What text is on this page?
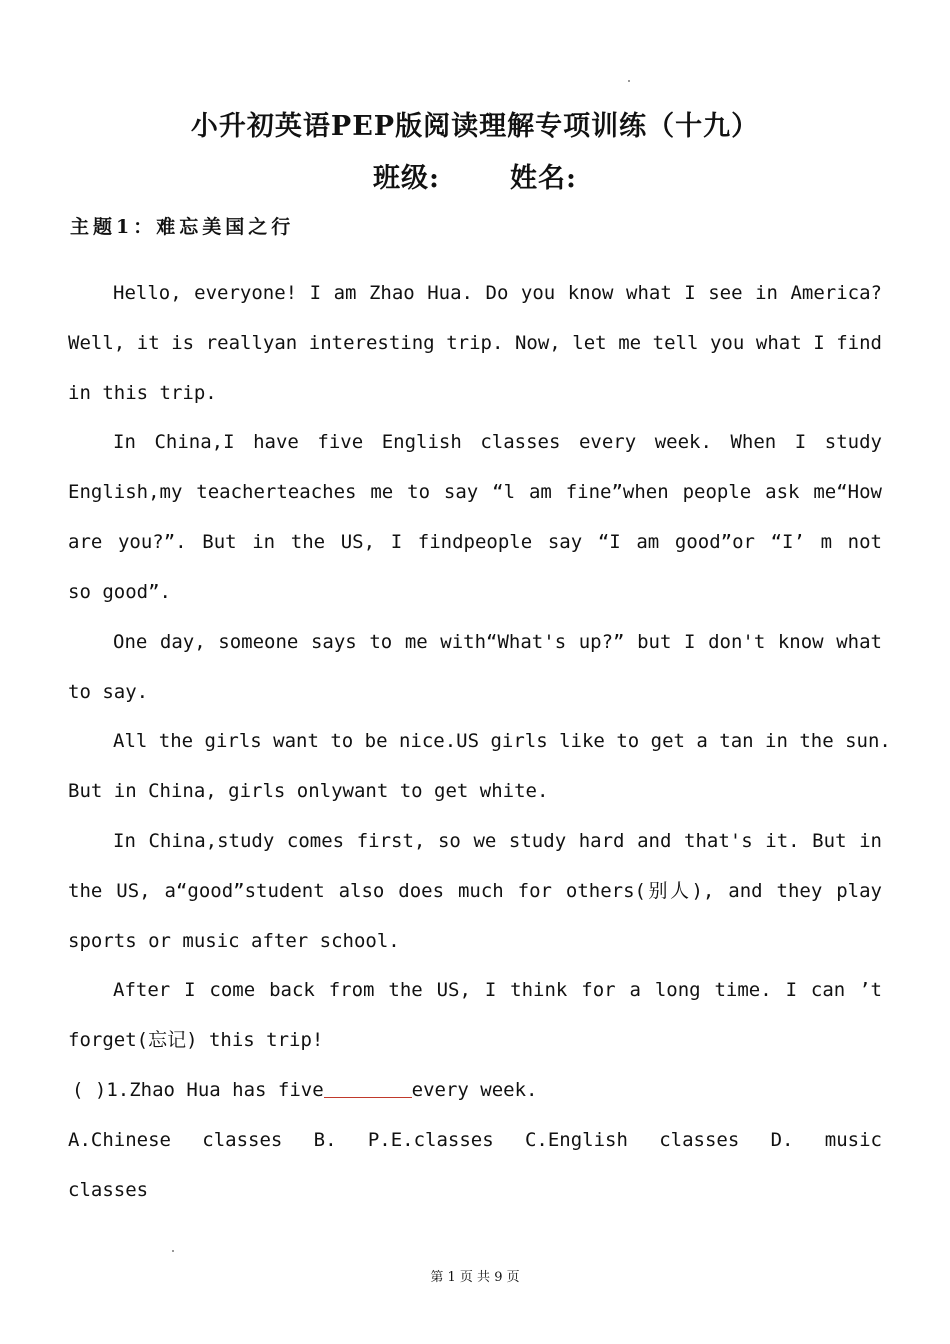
小升初英语PEP版阅读理解专项训练（十九）
班级:	姓名:
主题1：难忘美国之行
Hello, everyone! I am Zhao Hua. Do you know what I see in America?
Well, it is reallyan interesting trip. Now, let me tell you what I find
in this trip.
In China,I have five English classes every week. When I study
English,my teacherteaches me to say “l am fine”when people ask me“How
are you?”. But in the US, I findpeople say “I am good”or “I’ m not
so good”.
One day, someone says to me with“What's up?” but I don't know what
to say.
All the girls want to be nice.US girls like to get a tan in the sun.
But in China, girls onlywant to get white.
In China,study comes first, so we study hard and that's it. But in
the US, a“good”student also does much for others(别人), and they play
sports or music after school.
After I come back from the US, I think for a long time. I can ’t
forget(忘记) this trip!
( )1.Zhao Hua has five	every week.
A.Chinese classes B. P.E.classes C.English classes D. music
classes
第 1 页 共 9 页
